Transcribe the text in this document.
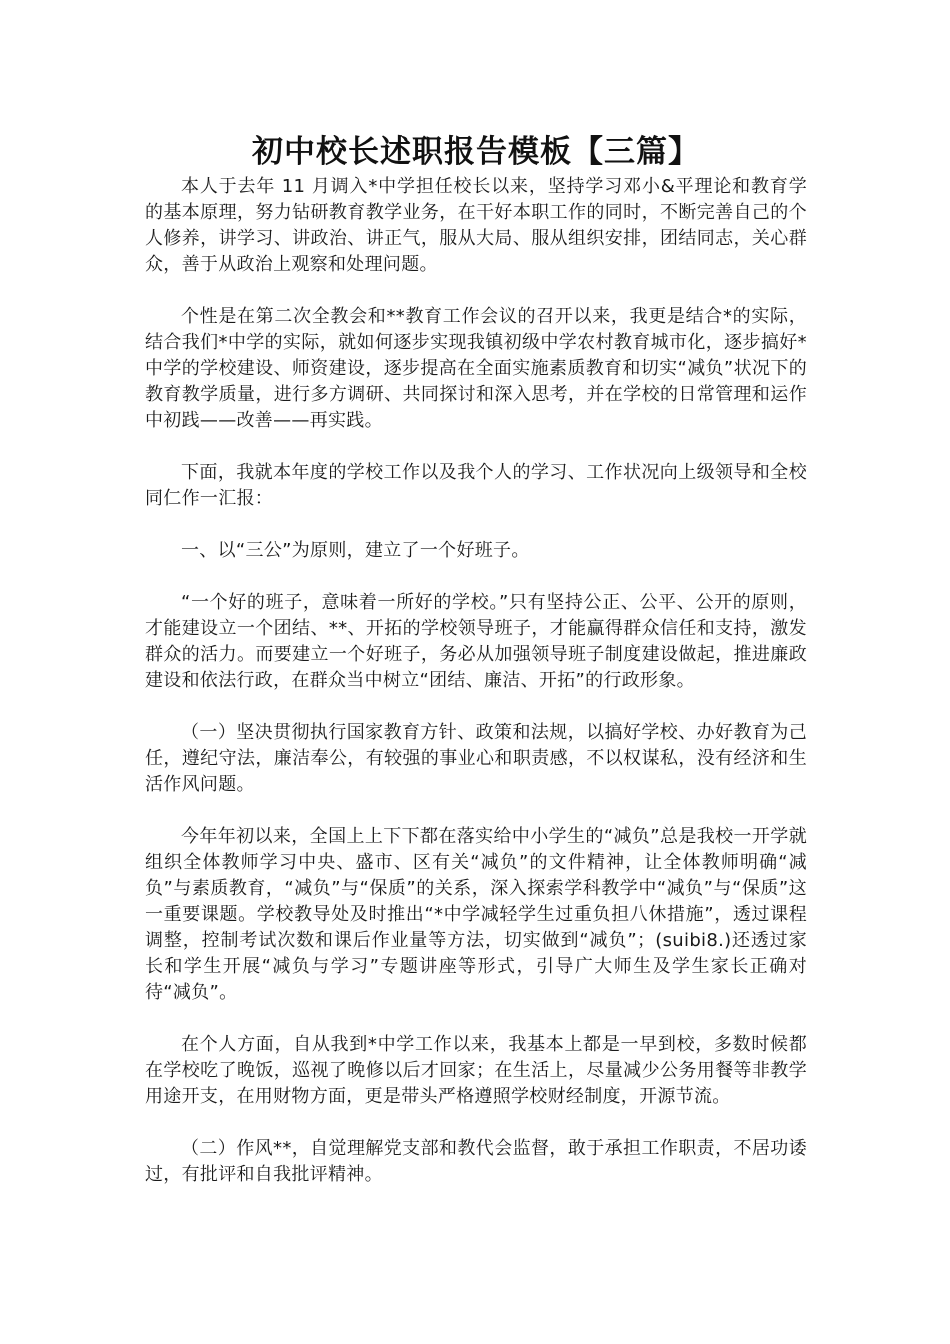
初中校长述职报告模板【三篇】

本人于去年 11 月调入*中学担任校长以来，坚持学习邓小&平理论和教育学的基本原理，努力钻研教育教学业务，在干好本职工作的同时，不断完善自己的个人修养，讲学习、讲政治、讲正气，服从大局、服从组织安排，团结同志，关心群众，善于从政治上观察和处理问题。

个性是在第二次全教会和**教育工作会议的召开以来，我更是结合*的实际，结合我们*中学的实际，就如何逐步实现我镇初级中学农村教育城市化，逐步搞好*中学的学校建设、师资建设，逐步提高在全面实施素质教育和切实“减负”状况下的教育教学质量，进行多方调研、共同探讨和深入思考，并在学校的日常管理和运作中初践——改善——再实践。

下面，我就本年度的学校工作以及我个人的学习、工作状况向上级领导和全校同仁作一汇报：

一、以“三公”为原则，建立了一个好班子。

“一个好的班子，意味着一所好的学校。”只有坚持公正、公平、公开的原则，才能建设立一个团结、**、开拓的学校领导班子，才能赢得群众信任和支持，激发群众的活力。而要建立一个好班子，务必从加强领导班子制度建设做起，推进廉政建设和依法行政，在群众当中树立“团结、廉洁、开拓”的行政形象。

（一）坚决贯彻执行国家教育方针、政策和法规，以搞好学校、办好教育为己任，遵纪守法，廉洁奉公，有较强的事业心和职责感，不以权谋私，没有经济和生活作风问题。

今年年初以来，全国上上下下都在落实给中小学生的“减负”总是我校一开学就组织全体教师学习中央、盛市、区有关“减负”的文件精神，让全体教师明确“减负”与素质教育，“减负”与“保质”的关系，深入探索学科教学中“减负”与“保质”这一重要课题。学校教导处及时推出“*中学减轻学生过重负担八休措施”，透过课程调整，控制考试次数和课后作业量等方法，切实做到“减负”；(suibi8.)还透过家长和学生开展“减负与学习”专题讲座等形式，引导广大师生及学生家长正确对待“减负”。

在个人方面，自从我到*中学工作以来，我基本上都是一早到校，多数时候都在学校吃了晚饭，巡视了晚修以后才回家；在生活上，尽量减少公务用餐等非教学用途开支，在用财物方面，更是带头严格遵照学校财经制度，开源节流。

（二）作风**，自觉理解党支部和教代会监督，敢于承担工作职责，不居功诿过，有批评和自我批评精神。
